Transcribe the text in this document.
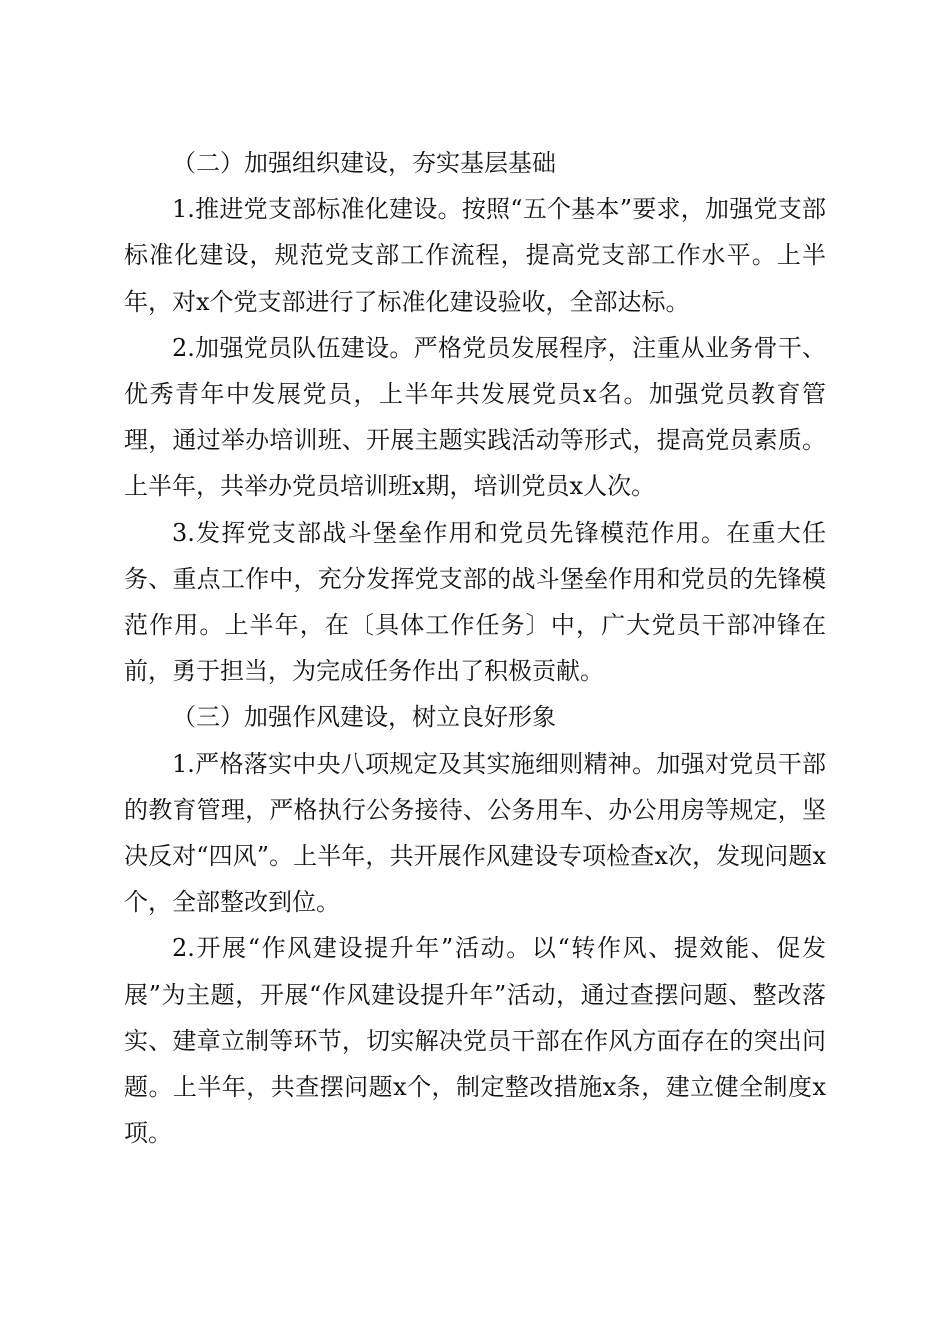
（二）加强组织建设，夯实基层基础

1.推进党支部标准化建设。按照“五个基本”要求，加强党支部标准化建设，规范党支部工作流程，提高党支部工作水平。上半年，对x个党支部进行了标准化建设验收，全部达标。

2.加强党员队伍建设。严格党员发展程序，注重从业务骨干、优秀青年中发展党员，上半年共发展党员x名。加强党员教育管理，通过举办培训班、开展主题实践活动等形式，提高党员素质。上半年，共举办党员培训班x期，培训党员x人次。

3.发挥党支部战斗堡垒作用和党员先锋模范作用。在重大任务、重点工作中，充分发挥党支部的战斗堡垒作用和党员的先锋模范作用。上半年，在〔具体工作任务〕中，广大党员干部冲锋在前，勇于担当，为完成任务作出了积极贡献。

（三）加强作风建设，树立良好形象

1.严格落实中央八项规定及其实施细则精神。加强对党员干部的教育管理，严格执行公务接待、公务用车、办公用房等规定，坚决反对“四风”。上半年，共开展作风建设专项检查x次，发现问题x个，全部整改到位。

2.开展“作风建设提升年”活动。以“转作风、提效能、促发展”为主题，开展“作风建设提升年”活动，通过查摆问题、整改落实、建章立制等环节，切实解决党员干部在作风方面存在的突出问题。上半年，共查摆问题x个，制定整改措施x条，建立健全制度x项。
